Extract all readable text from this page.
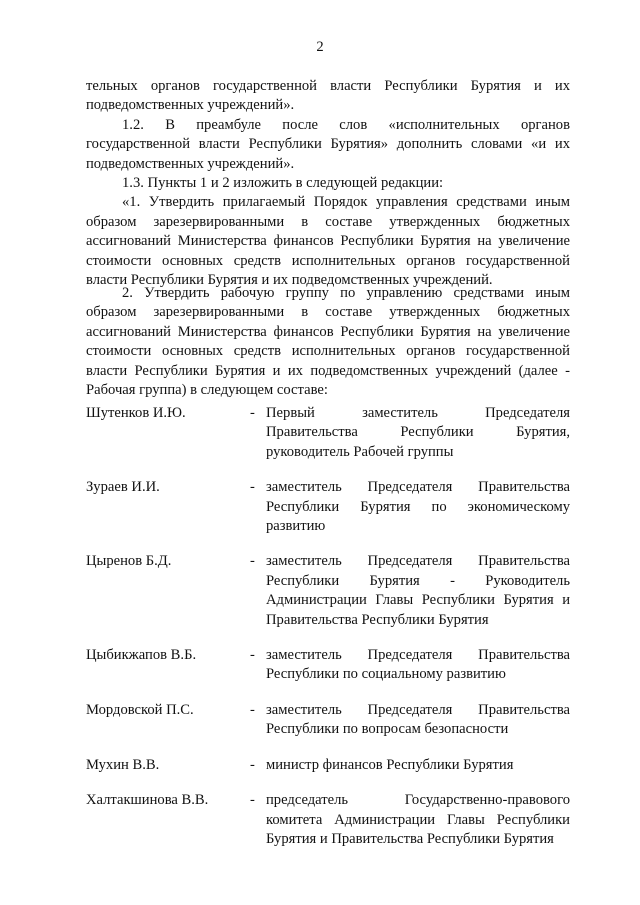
2

тельных органов государственной власти Республики Бурятия и их подведомственных учреждений».

1.2. В преамбуле после слов «исполнительных органов государственной власти Республики Бурятия» дополнить словами «и их подведомственных учреждений».

1.3. Пункты 1 и 2 изложить в следующей редакции:

«1. Утвердить прилагаемый Порядок управления средствами иным образом зарезервированными в составе утвержденных бюджетных ассигнований Министерства финансов Республики Бурятия на увеличение стоимости основных средств исполнительных органов государственной власти Республики Бурятия и их подведомственных учреждений.

2. Утвердить рабочую группу по управлению средствами иным образом зарезервированными в составе утвержденных бюджетных ассигнований Министерства финансов Республики Бурятия на увеличение стоимости основных средств исполнительных органов государственной власти Республики Бурятия и их подведомственных учреждений (далее - Рабочая группа) в следующем составе:

Шутенков И.Ю.	- Первый заместитель Председателя Правительства Республики Бурятия, руководитель Рабочей группы
Зураев И.И.	- заместитель Председателя Правительства Республики Бурятия по экономическому развитию
Цыренов Б.Д.	- заместитель Председателя Правительства Республики Бурятия - Руководитель Администрации Главы Республики Бурятия и Правительства Республики Бурятия
Цыбикжапов В.Б.	- заместитель Председателя Правительства Республики по социальному развитию
Мордовской П.С.	- заместитель Председателя Правительства Республики по вопросам безопасности
Мухин В.В.	- министр финансов Республики Бурятия
Халтакшинова В.В.	- председатель Государственно-правового комитета Администрации Главы Республики Бурятия и Правительства Республики Бурятия
